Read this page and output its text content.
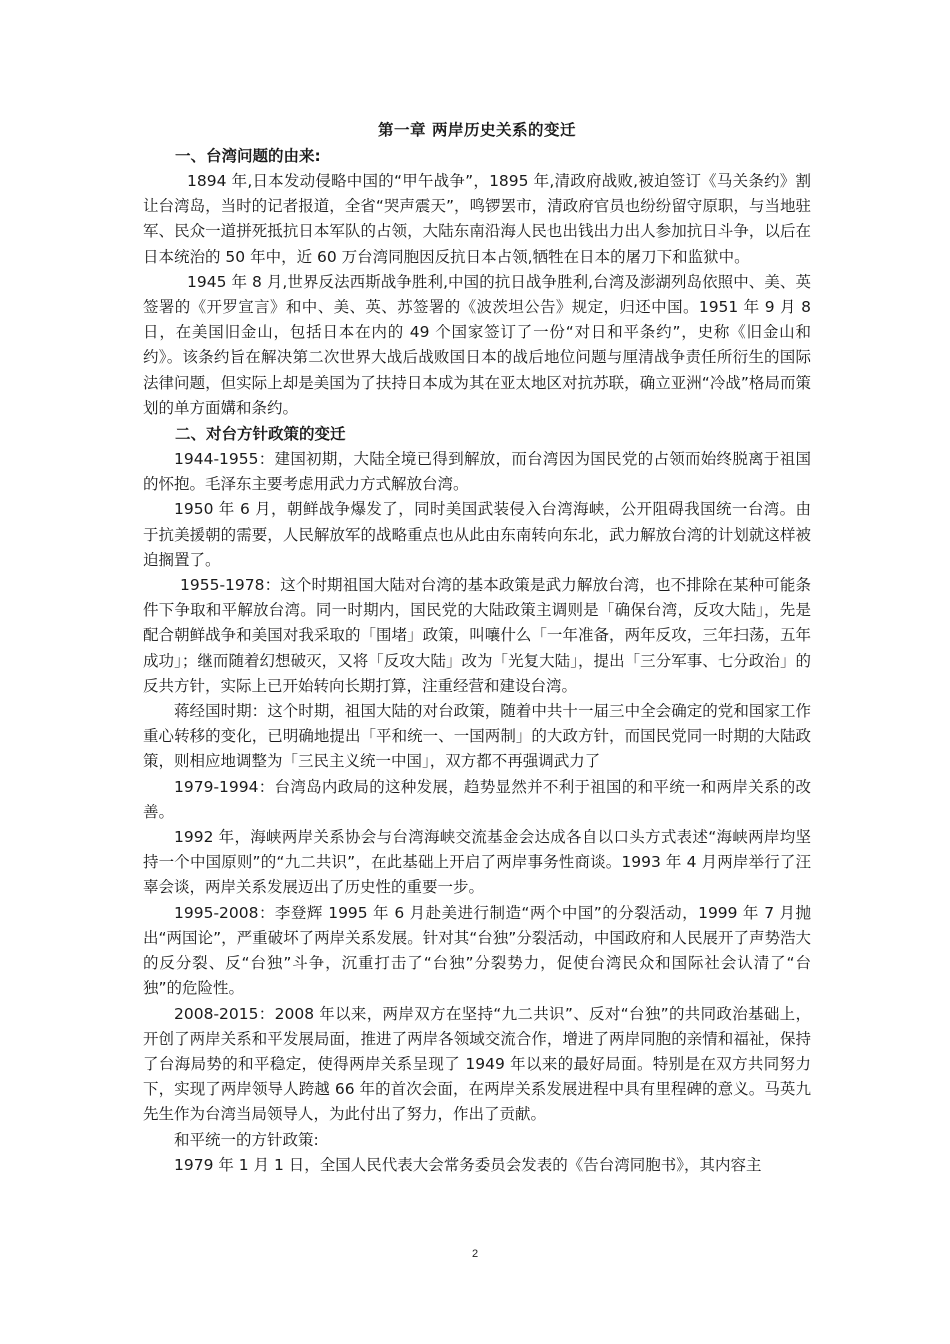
第一章 两岸历史关系的变迁
一、台湾问题的由来:

1894 年,日本发动侵略中国的“甲午战争”，1895 年,清政府战败,被迫签订《马关条约》割让台湾岛，当时的记者报道，全省“哭声震天”，鸣锣罢市，清政府官员也纷纷留守原职，与当地驻军、民众一道拼死抵抗日本军队的占领，大陆东南沿海人民也出钱出力出人参加抗日斗争，以后在日本统治的 50 年中，近 60 万台湾同胞因反抗日本占领,牺牲在日本的屠刀下和监狱中。

1945 年 8 月,世界反法西斯战争胜利,中国的抗日战争胜利,台湾及澎湖列岛依照中、美、英签署的《开罗宣言》和中、美、英、苏签署的《波茨坦公告》规定，归还中国。1951 年 9 月 8 日，在美国旧金山，包括日本在内的 49 个国家签订了一份“对日和平条约”，史称《旧金山和约》。该条约旨在解决第二次世界大战后战败国日本的战后地位问题与厘清战争责任所衍生的国际法律问题，但实际上却是美国为了扶持日本成为其在亚太地区对抗苏联，确立亚洲“冷战”格局而策划的单方面媾和条约。

二、对台方针政策的变迁

1944-1955：建国初期，大陆全境已得到解放，而台湾因为国民党的占领而始终脱离于祖国的怀抱。毛泽东主要考虑用武力方式解放台湾。

1950 年 6 月，朝鲜战争爆发了，同时美国武装侵入台湾海峡，公开阻碍我国统一台湾。由于抗美援朝的需要，人民解放军的战略重点也从此由东南转向东北，武力解放台湾的计划就这样被迫搁置了。

1955-1978：这个时期祖国大陆对台湾的基本政策是武力解放台湾，也不排除在某种可能条件下争取和平解放台湾。同一时期内，国民党的大陆政策主调则是「确保台湾，反攻大陆」，先是配合朝鲜战争和美国对我采取的「围堵」政策，叫嚷什么「一年准备，两年反攻，三年扫荡，五年成功」；继而随着幻想破灭，又将「反攻大陆」改为「光复大陆」，提出「三分军事、七分政治」的反共方针，实际上已开始转向长期打算，注重经营和建设台湾。

蒋经国时期：这个时期，祖国大陆的对台政策，随着中共十一届三中全会确定的党和国家工作重心转移的变化，已明确地提出「平和统一、一国两制」的大政方针，而国民党同一时期的大陆政策，则相应地调整为「三民主义统一中国」，双方都不再强调武力了

1979-1994：台湾岛内政局的这种发展，趋势显然并不利于祖国的和平统一和两岸关系的改善。

1992 年，海峡两岸关系协会与台湾海峡交流基金会达成各自以口头方式表述“海峡两岸均坚持一个中国原则”的“九二共识”，在此基础上开启了两岸事务性商谈。1993 年 4 月两岸举行了汪辜会谈，两岸关系发展迈出了历史性的重要一步。

1995-2008：李登辉 1995 年 6 月赴美进行制造“两个中国”的分裂活动，1999 年 7 月抛出“两国论”，严重破坏了两岸关系发展。针对其“台独”分裂活动，中国政府和人民展开了声势浩大的反分裂、反“台独”斗争，沉重打击了“台独”分裂势力，促使台湾民众和国际社会认清了“台独”的危险性。

2008-2015：2008 年以来，两岸双方在坚持“九二共识”、反对“台独”的共同政治基础上，开创了两岸关系和平发展局面，推进了两岸各领域交流合作，增进了两岸同胞的亲情和福祉，保持了台海局势的和平稳定，使得两岸关系呈现了 1949 年以来的最好局面。特别是在双方共同努力下，实现了两岸领导人跨越 66 年的首次会面，在两岸关系发展进程中具有里程碑的意义。马英九先生作为台湾当局领导人，为此付出了努力，作出了贡献。

和平统一的方针政策:

1979 年 1 月 1 日，全国人民代表大会常务委员会发表的《告台湾同胞书》，其内容主

2
